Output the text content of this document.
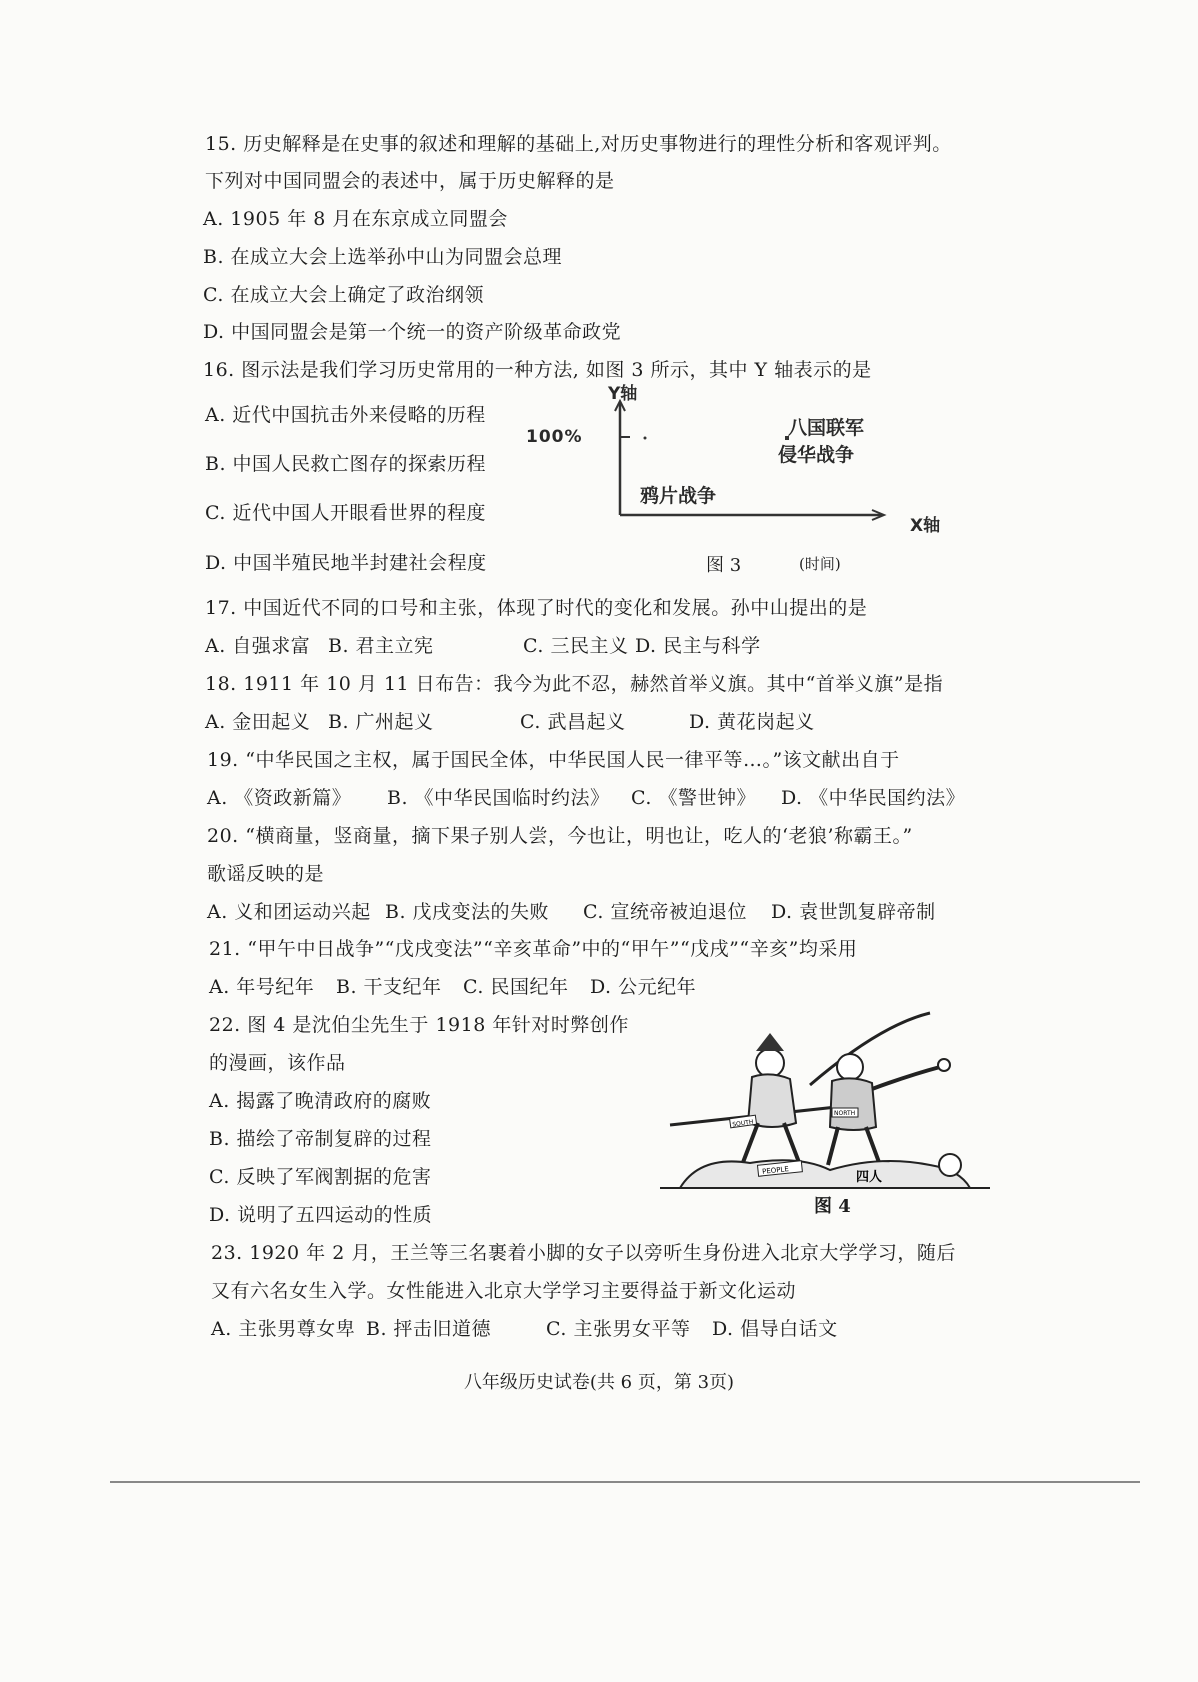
15. 历史解释是在史事的叙述和理解的基础上,对历史事物进行的理性分析和客观评判。
下列对中国同盟会的表述中，属于历史解释的是
A. 1905 年 8 月在东京成立同盟会
B. 在成立大会上选举孙中山为同盟会总理
C. 在成立大会上确定了政治纲领
D. 中国同盟会是第一个统一的资产阶级革命政党
16. 图示法是我们学习历史常用的一种方法, 如图 3 所示，其中 Y 轴表示的是
A. 近代中国抗击外来侵略的历程
B. 中国人民救亡图存的探索历程
C. 近代中国人开眼看世界的程度
D. 中国半殖民地半封建社会程度
Y轴
100%	八国联军
侵华战争
鸦片战争
X轴
图 3	(时间)
17. 中国近代不同的口号和主张，体现了时代的变化和发展。孙中山提出的是
A. 自强求富 B. 君主立宪	C. 三民主义 D. 民主与科学
18. 1911 年 10 月 11 日布告：我今为此不忍，赫然首举义旗。其中“首举义旗”是指
A. 金田起义 B. 广州起义	C. 武昌起义	D. 黄花岗起义
19. “中华民国之主权，属于国民全体，中华民国人民一律平等…。”该文献出自于
A. 《资政新篇》 B. 《中华民国临时约法》 C. 《警世钟》 D. 《中华民国约法》
20. “横商量，竖商量，摘下果子别人尝，今也让，明也让，吃人的‘老狼’称霸王。”
歌谣反映的是
A. 义和团运动兴起 B. 戊戌变法的失败 C. 宣统帝被迫退位 D. 袁世凯复辟帝制
21. “甲午中日战争”“戊戌变法”“辛亥革命”中的“甲午”“戊戌”“辛亥”均采用
A. 年号纪年 B. 干支纪年 C. 民国纪年 D. 公元纪年
22. 图 4 是沈伯尘先生于 1918 年针对时弊创作
的漫画，该作品
A. 揭露了晚清政府的腐败
B. 描绘了帝制复辟的过程
C. 反映了军阀割据的危害
D. 说明了五四运动的性质
NORTH
SOUTH
PEOPLE	四人
图 4
23. 1920 年 2 月，王兰等三名裹着小脚的女子以旁听生身份进入北京大学学习，随后
又有六名女生入学。女性能进入北京大学学习主要得益于新文化运动
A. 主张男尊女卑 B. 抨击旧道德	C. 主张男女平等 D. 倡导白话文
八年级历史试卷(共 6 页，第 3页)
